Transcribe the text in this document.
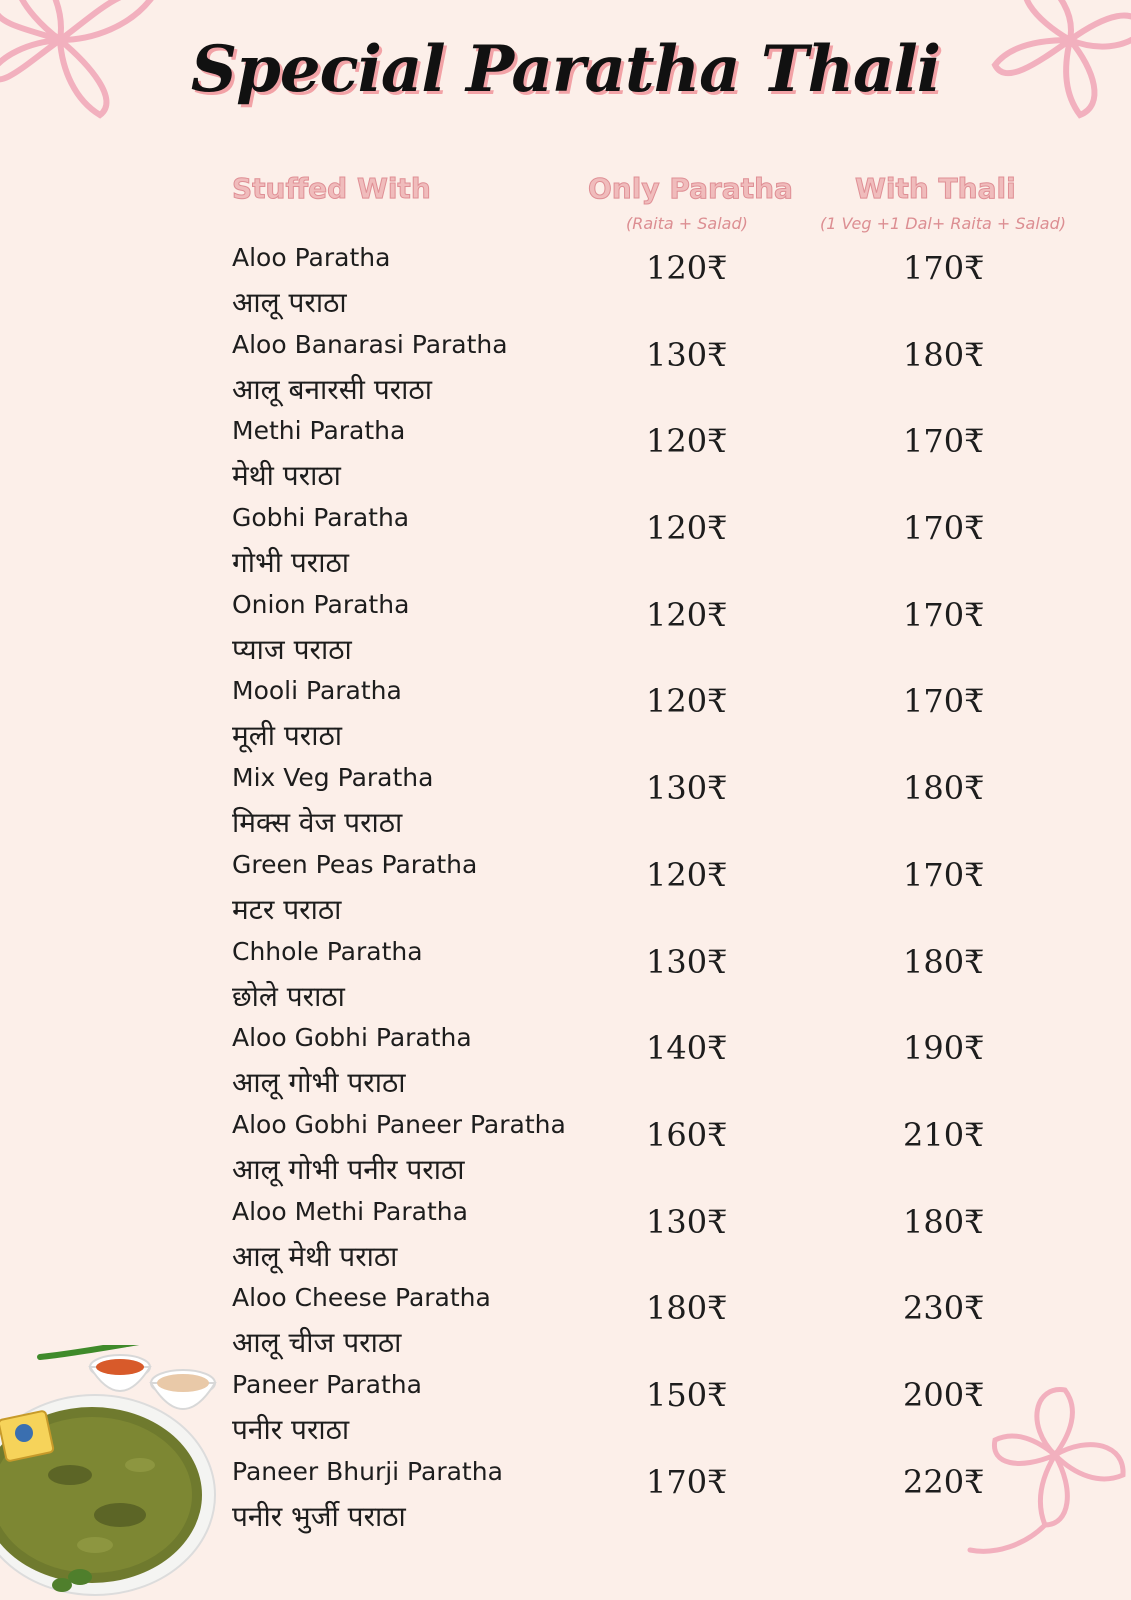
Special Paratha Thali
Stuffed With	Only Paratha
(Raita + Salad)
With Thali
(1 Veg +1 Dal+ Raita + Salad)
Aloo Paratha
आलू पराठा
120₹	170₹
Aloo Banarasi Paratha
आलू बनारसी पराठा
130₹	180₹
Methi Paratha
मेथी पराठा
120₹	170₹
Gobhi Paratha
गोभी पराठा
120₹	170₹
Onion Paratha
प्याज पराठा
120₹	170₹
Mooli Paratha
मूली पराठा
120₹	170₹
Mix Veg Paratha
मिक्स वेज पराठा
130₹	180₹
Green Peas Paratha
मटर पराठा
120₹	170₹
Chhole Paratha
छोले पराठा
130₹	180₹
Aloo Gobhi Paratha
आलू गोभी पराठा
140₹	190₹
Aloo Gobhi Paneer Paratha
आलू गोभी पनीर पराठा
160₹	210₹
Aloo Methi Paratha
आलू मेथी पराठा
130₹	180₹
Aloo Cheese Paratha
आलू चीज पराठा
180₹	230₹
Paneer Paratha
पनीर पराठा
150₹	200₹
Paneer Bhurji Paratha
पनीर भुर्जी पराठा
170₹	220₹
